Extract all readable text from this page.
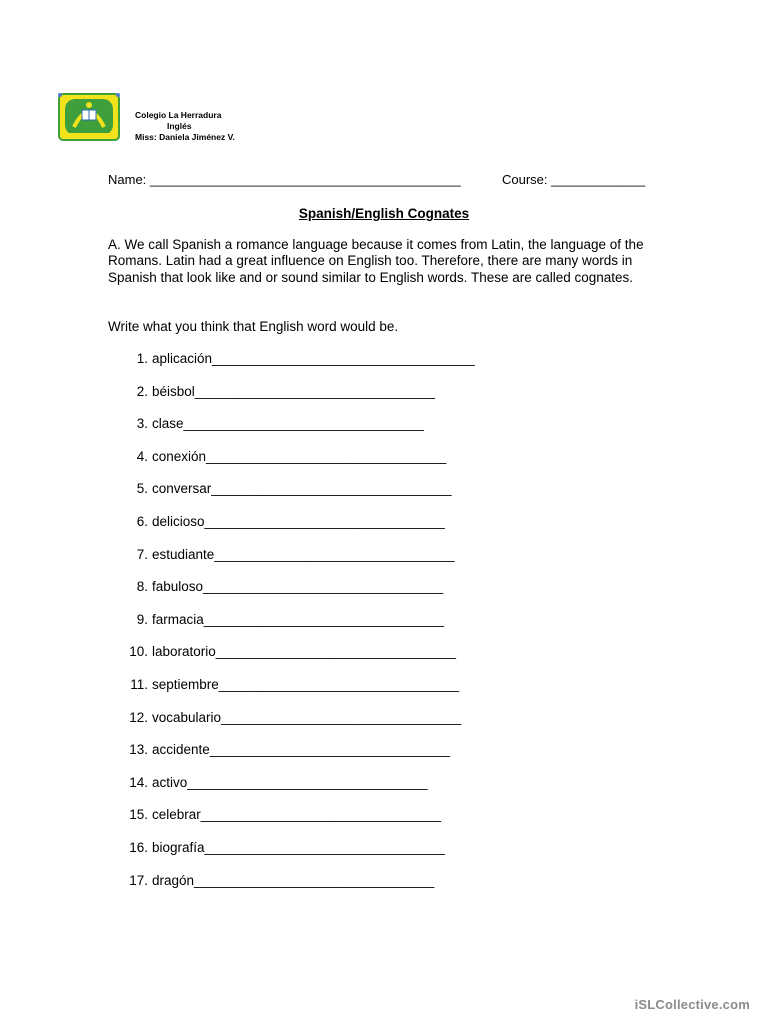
Colegio La Herradura
Inglés
Miss: Daniela Jiménez V.
Name: ___________________________________________	Course: _____________
Spanish/English Cognates
A. We call Spanish a romance language because it comes from Latin, the language of the Romans. Latin had a great influence on English too. Therefore, there are many words in Spanish that look like and or sound similar to English words. These are called cognates.
Write what you think that English word would be.
1. aplicación___________________________________
2. béisbol________________________________
3. clase________________________________
4. conexión________________________________
5. conversar________________________________
6. delicioso________________________________
7. estudiante________________________________
8. fabuloso________________________________
9. farmacia________________________________
10. laboratorio________________________________
11. septiembre________________________________
12. vocabulario________________________________
13. accidente________________________________
14. activo________________________________
15. celebrar________________________________
16. biografía________________________________
17. dragón________________________________
iSLCollective.com
